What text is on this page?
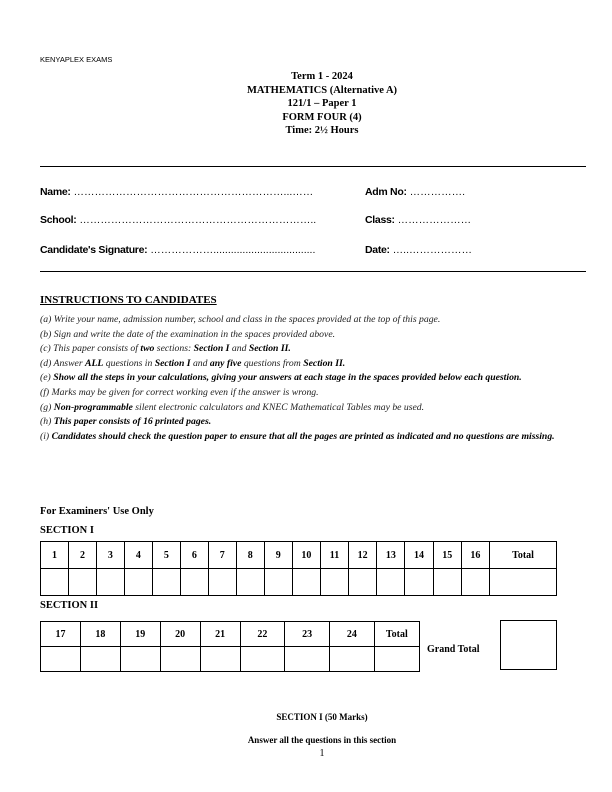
KENYAPLEX EXAMS
Term 1 - 2024
MATHEMATICS (Alternative A)
121/1 – Paper 1
FORM FOUR (4)
Time: 2½ Hours
Name: ……………………………………………………...……	Adm No: …………….
School: …………………………………………………………..	Class: …………………
Candidate's Signature: ………………...................................	Date: …..………………
INSTRUCTIONS TO CANDIDATES
(a) Write your name, admission number, school and class in the spaces provided at the top of this page.
(b) Sign and write the date of the examination in the spaces provided above.
(c) This paper consists of two sections: Section I and Section II.
(d) Answer ALL questions in Section I and any five questions from Section II.
(e) Show all the steps in your calculations, giving your answers at each stage in the spaces provided below each question.
(f) Marks may be given for correct working even if the answer is wrong.
(g) Non-programmable silent electronic calculators and KNEC Mathematical Tables may be used.
(h) This paper consists of 16 printed pages.
(i) Candidates should check the question paper to ensure that all the pages are printed as indicated and no questions are missing.
For Examiners' Use Only
SECTION I
1	2	3	4	5	6	7	8	9	10	11	12	13	14	15	16	Total

SECTION II
17	18	19	20	21	22	23	24	Total

Grand Total
SECTION I (50 Marks)
Answer all the questions in this section
1
